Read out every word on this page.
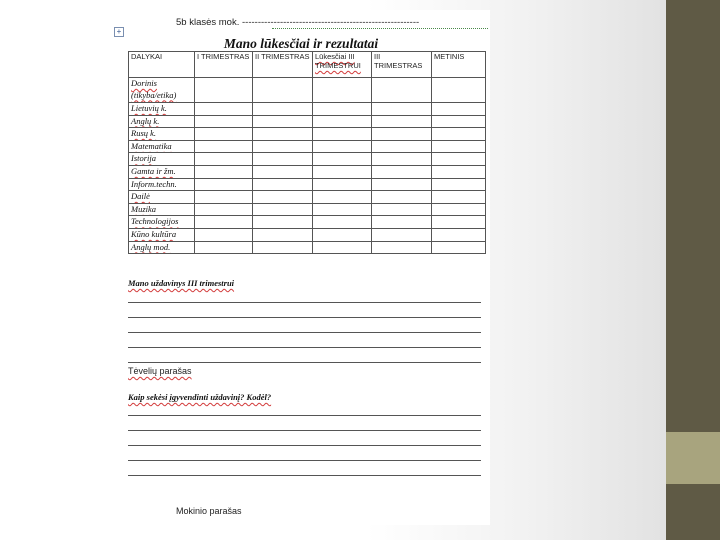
+
5b klasės mok. --------------------------------------------------------
Mano lūkesčiai ir rezultatai
DALYKAI	I TRIMESTRAS	II TRIMESTRAS	Lūkesčiai III TRIMESTRUI	III TRIMESTRAS	METINIS
Dorinis (tikyba/etika)					
Lietuvių k.					
Anglų k.					
Rusų k.					
Matematika					
Istorija					
Gamta ir žm.					
Inform.techn.					
Dailė					
Muzika					
Technologijos					
Kūno kultūra					
Anglų mod.					
Mano uždavinys III trimestrui
Tėvelių parašas
Kaip sekėsi įgyvendinti uždavinį? Kodėl?
Mokinio parašas
